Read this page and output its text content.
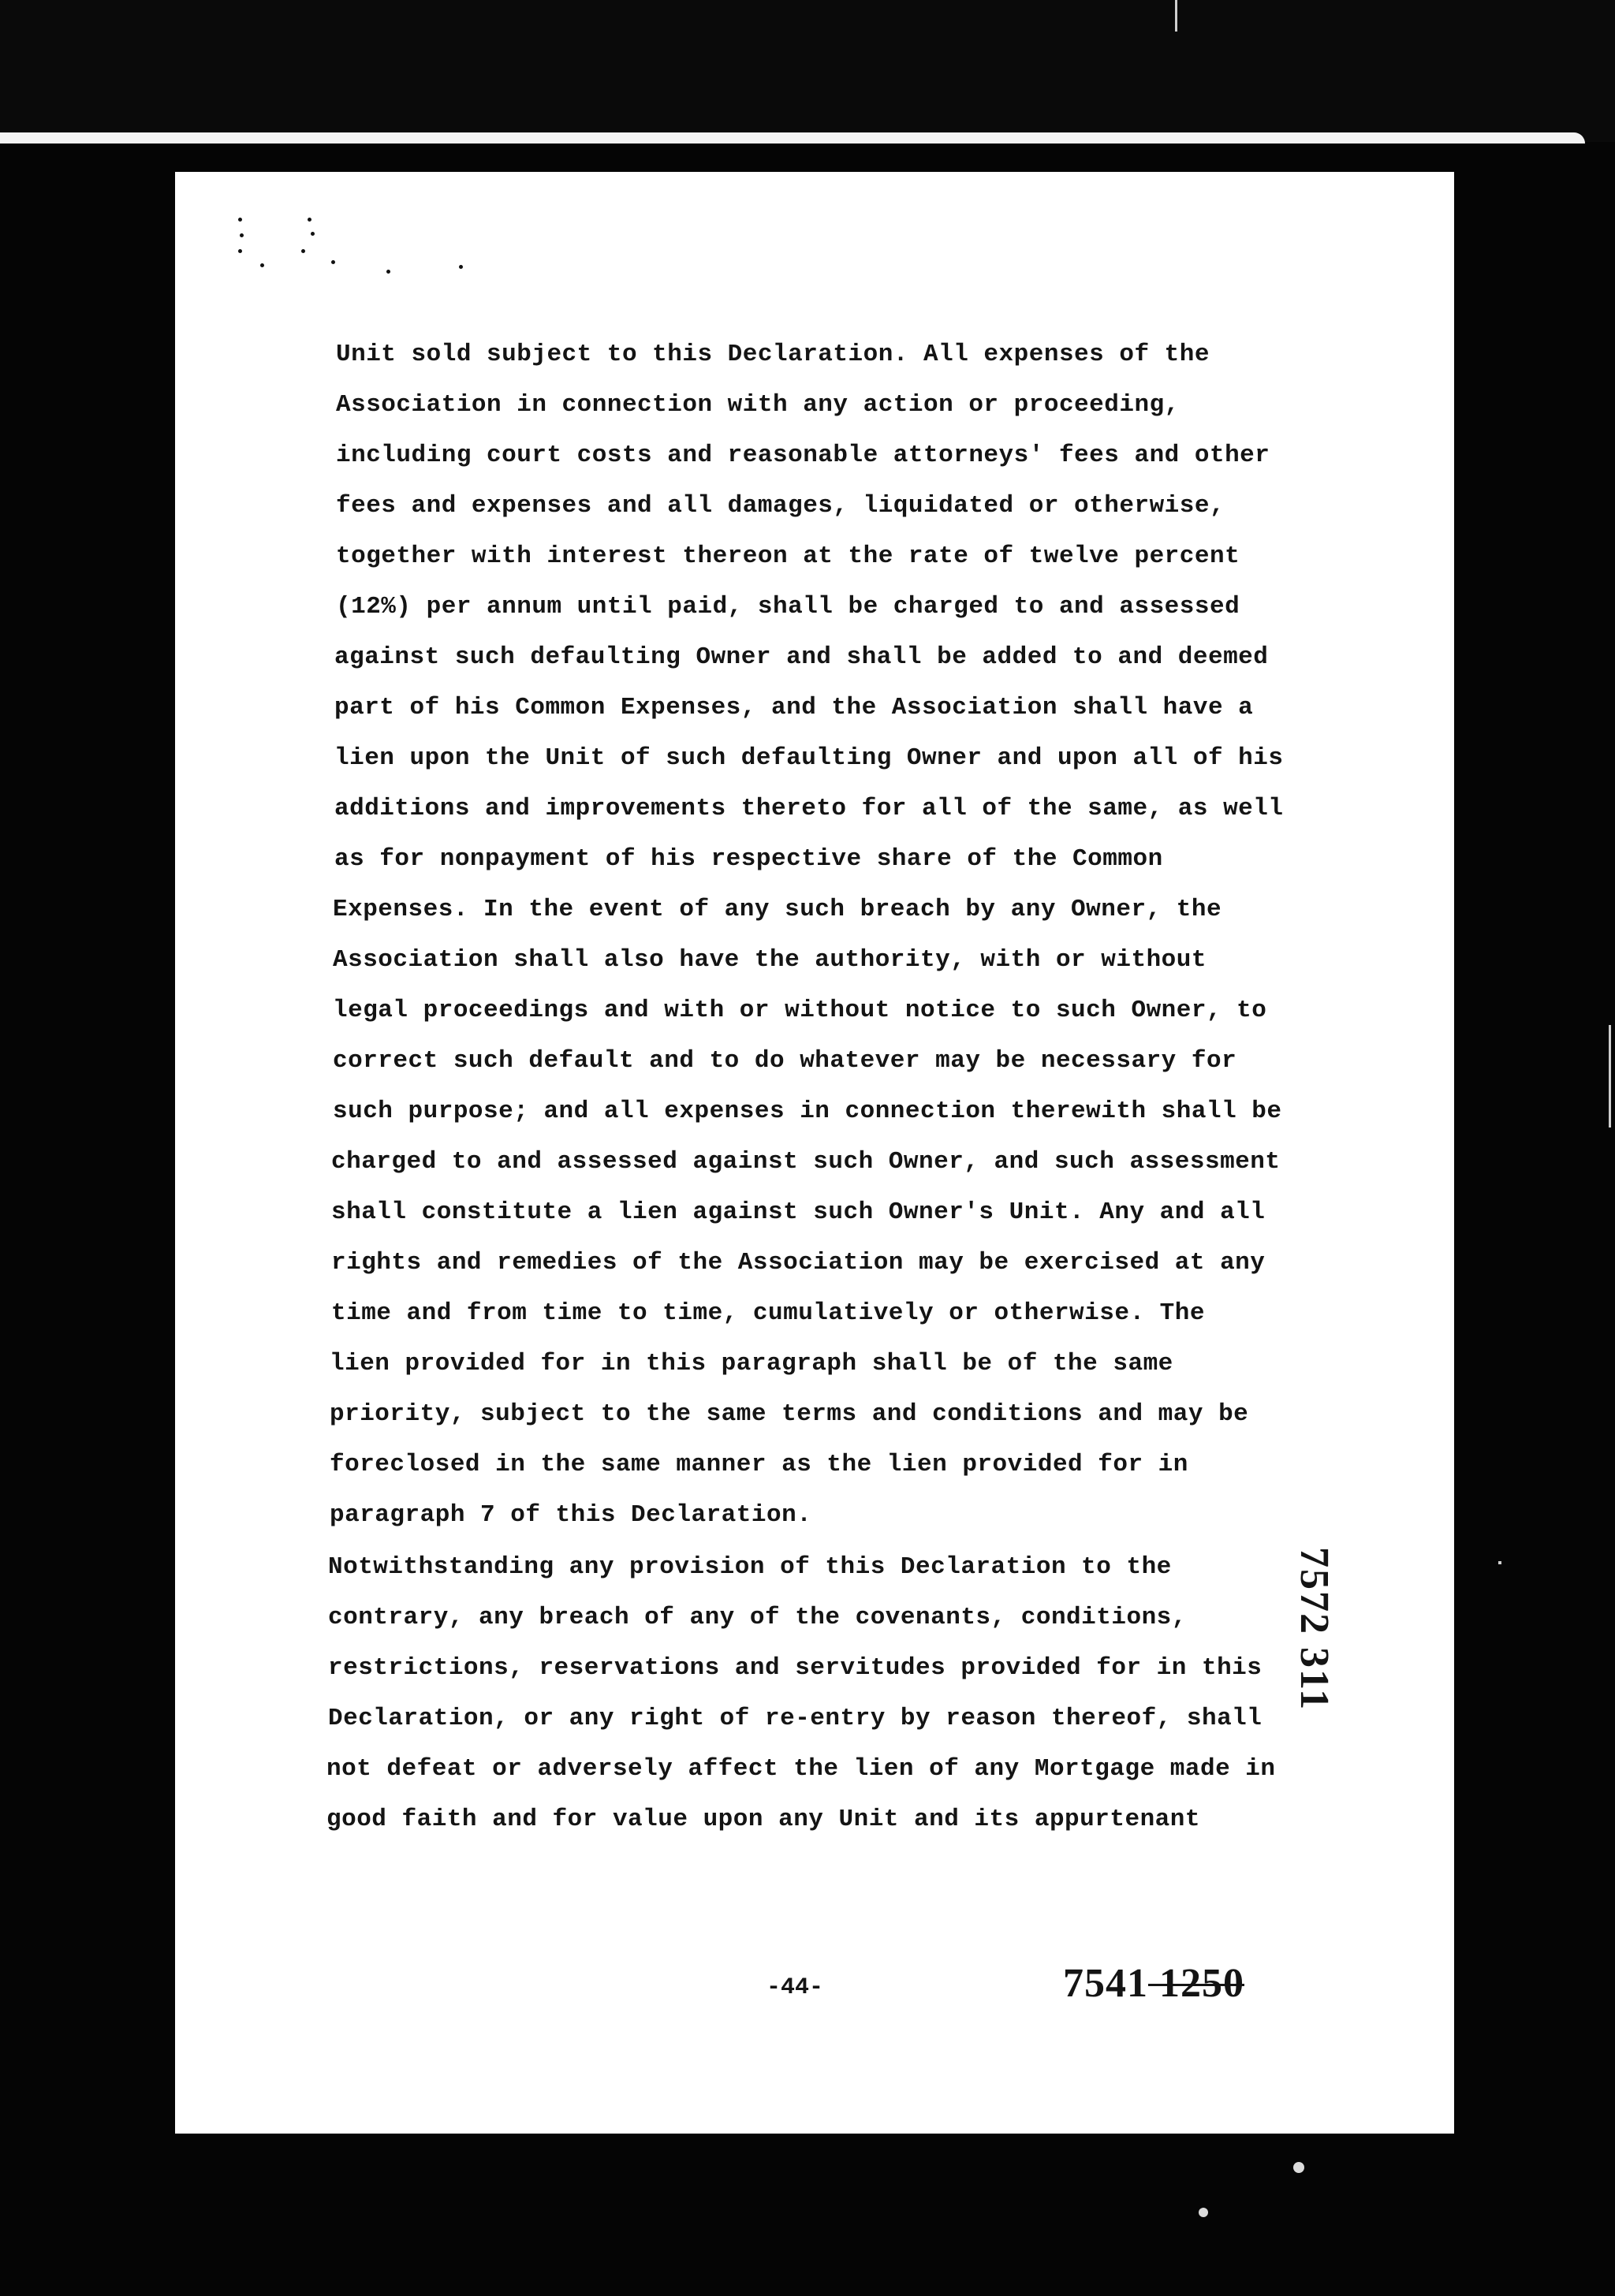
Unit sold subject to this Declaration. All expenses of the
Association in connection with any action or proceeding,
including court costs and reasonable attorneys' fees and other
fees and expenses and all damages, liquidated or otherwise,
together with interest thereon at the rate of twelve percent
(12%) per annum until paid, shall be charged to and assessed
against such defaulting Owner and shall be added to and deemed
part of his Common Expenses, and the Association shall have a
lien upon the Unit of such defaulting Owner and upon all of his
additions and improvements thereto for all of the same, as well
as for nonpayment of his respective share of the Common
Expenses. In the event of any such breach by any Owner, the
Association shall also have the authority, with or without
legal proceedings and with or without notice to such Owner, to
correct such default and to do whatever may be necessary for
such purpose; and all expenses in connection therewith shall be
charged to and assessed against such Owner, and such assessment
shall constitute a lien against such Owner's Unit. Any and all
rights and remedies of the Association may be exercised at any
time and from time to time, cumulatively or otherwise. The
lien provided for in this paragraph shall be of the same
priority, subject to the same terms and conditions and may be
foreclosed in the same manner as the lien provided for in
paragraph 7 of this Declaration.
Notwithstanding any provision of this Declaration to the
contrary, any breach of any of the covenants, conditions,
restrictions, reservations and servitudes provided for in this
Declaration, or any right of re-entry by reason thereof, shall
not defeat or adversely affect the lien of any Mortgage made in
good faith and for value upon any Unit and its appurtenant
7572 311
-44-	7541 1250
